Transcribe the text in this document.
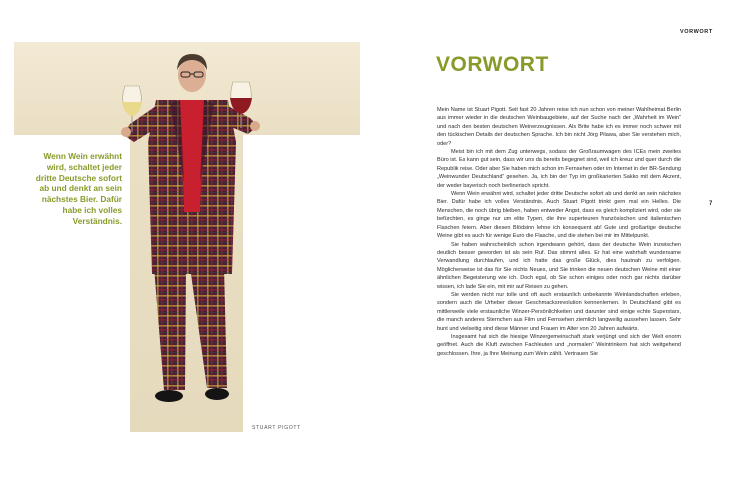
Wenn Wein erwähnt wird, schaltet jeder dritte Deutsche sofort ab und denkt an sein nächstes Bier. Dafür habe ich volles Verständnis.
STUART PIGOTT
VORWORT
VORWORT

Mein Name ist Stuart Pigott. Seit fast 20 Jahren reise ich nun schon von meiner Wahlheimat Berlin aus immer wieder in die deutschen Weinbaugebiete, auf der Suche nach der „Wahrheit im Wein“ und nach den besten deutschen Weinerzeugnissen. Als Brite habe ich es immer noch schwer mit den tückischen Details der deutschen Sprache. Ich bin nicht Jörg Pilawa, aber Sie verstehen mich, oder?

Meist bin ich mit dem Zug unterwegs, sodass der Großraumwagen des ICEs mein zweites Büro ist. Es kann gut sein, dass wir uns da bereits begegnet sind, weil ich kreuz und quer durch die Republik reise. Oder aber Sie haben mich schon im Fernsehen oder im Internet in der BR-Sendung „Weinwunder Deutschland“ gesehen. Ja, ich bin der Typ im großkarierten Sakko mit dem Akzent, der weder bayerisch noch berlinerisch spricht.

Wenn Wein erwähnt wird, schaltet jeder dritte Deutsche sofort ab und denkt an sein nächstes Bier. Dafür habe ich volles Verständnis. Auch Stuart Pigott trinkt gern mal ein Helles. Die Menschen, die noch übrig bleiben, haben entweder Angst, dass es gleich kompliziert wird, oder sie befürchten, es ginge nur um elite Typen, die ihre superteuren französischen und italienischen Flaschen feiern. Aber diesen Blödsinn lehne ich konsequent ab! Gute und großartige deutsche Weine gibt es auch für wenige Euro die Flasche, und die stehen bei mir im Mittelpunkt.

Sie haben wahrscheinlich schon irgendwann gehört, dass der deutsche Wein inzwischen deutlich besser geworden ist als sein Ruf. Das stimmt alles. Er hat eine wahrhaft wundersame Verwandlung durchlaufen, und ich hatte das große Glück, dies hautnah zu verfolgen. Möglicherweise ist das für Sie nichts Neues, und Sie trinken die neuen deutschen Weine mit einer ähnlichen Begeisterung wie ich. Doch egal, ob Sie schon einiges oder noch gar nichts darüber wissen, ich lade Sie ein, mit mir auf Reisen zu gehen.

Sie werden nicht nur tolle und oft auch erstaunlich unbekannte Weinlandschaften erleben, sondern auch die Urheber dieser Geschmacksrevolution kennenlernen. In Deutschland gibt es mittlerweile viele erstaunliche Winzer-Persönlichkeiten und darunter sind einige echte Superstars, die manch anderes Sternchen aus Film und Fernsehen ziemlich langweilig aussehen lassen. Sehr bunt und vielseitig sind diese Männer und Frauen im Alter von 20 Jahren aufwärts.

Insgesamt hat sich die hiesige Winzergemeinschaft stark verjüngt und sich der Welt enorm geöffnet. Auch die Kluft zwischen Fachleuten und „normalen“ Weintrinkern hat sich weitgehend geschlossen. Ihre, ja Ihre Meinung zum Wein zählt. Vertrauen Sie

7
